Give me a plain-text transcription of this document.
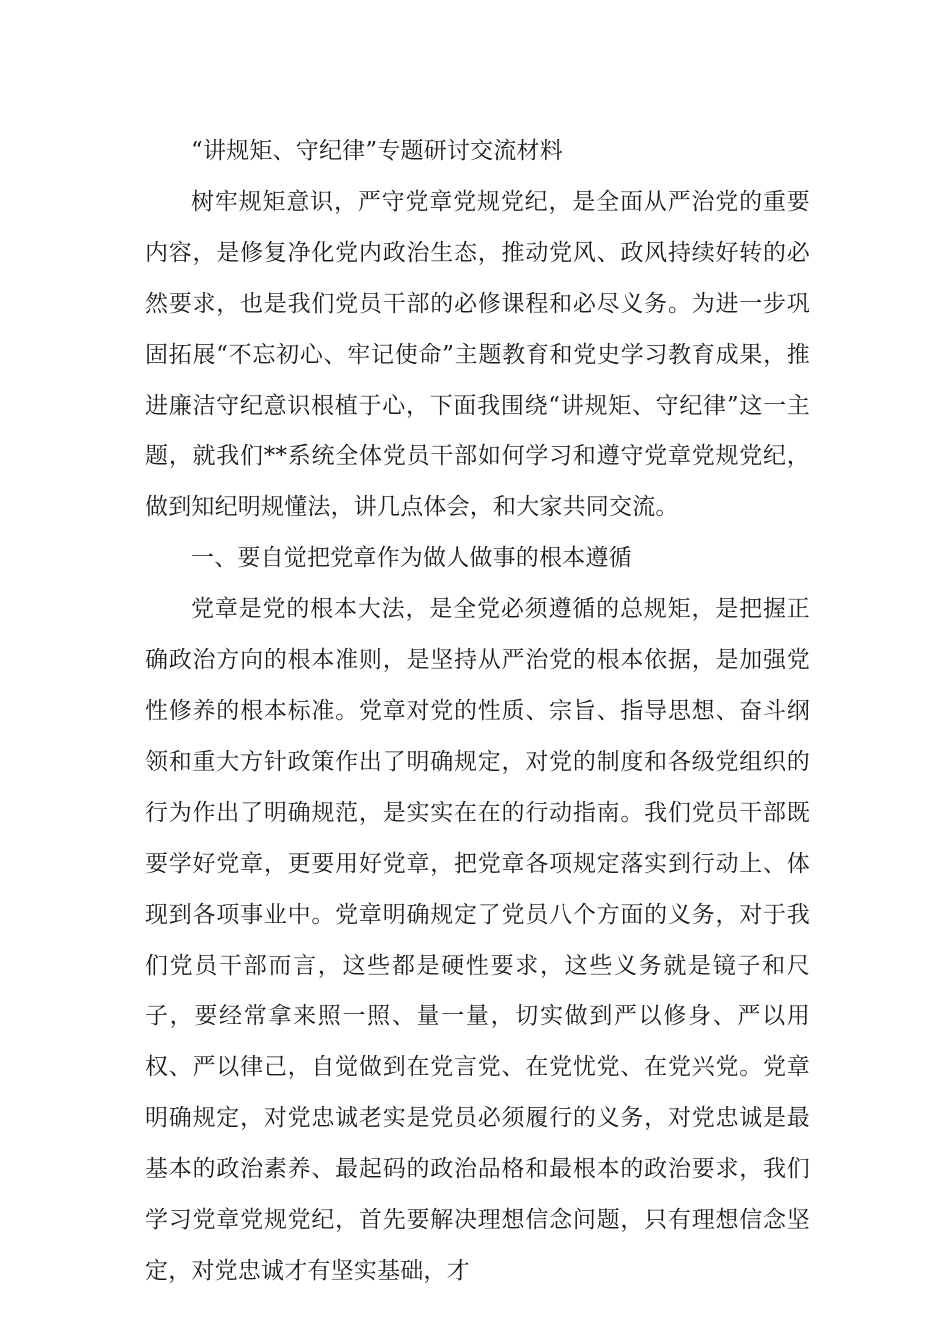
“讲规矩、守纪律”专题研讨交流材料

树牢规矩意识，严守党章党规党纪，是全面从严治党的重要内容，是修复净化党内政治生态，推动党风、政风持续好转的必然要求，也是我们党员干部的必修课程和必尽义务。为进一步巩固拓展“不忘初心、牢记使命”主题教育和党史学习教育成果，推进廉洁守纪意识根植于心，下面我围绕“讲规矩、守纪律”这一主题，就我们**系统全体党员干部如何学习和遵守党章党规党纪，做到知纪明规懂法，讲几点体会，和大家共同交流。

一、要自觉把党章作为做人做事的根本遵循

党章是党的根本大法，是全党必须遵循的总规矩，是把握正确政治方向的根本准则，是坚持从严治党的根本依据，是加强党性修养的根本标准。党章对党的性质、宗旨、指导思想、奋斗纲领和重大方针政策作出了明确规定，对党的制度和各级党组织的行为作出了明确规范，是实实在在的行动指南。我们党员干部既要学好党章，更要用好党章，把党章各项规定落实到行动上、体现到各项事业中。党章明确规定了党员八个方面的义务，对于我们党员干部而言，这些都是硬性要求，这些义务就是镜子和尺子，要经常拿来照一照、量一量，切实做到严以修身、严以用权、严以律己，自觉做到在党言党、在党忧党、在党兴党。党章明确规定，对党忠诚老实是党员必须履行的义务，对党忠诚是最基本的政治素养、最起码的政治品格和最根本的政治要求，我们学习党章党规党纪，首先要解决理想信念问题，只有理想信念坚定，对党忠诚才有坚实基础，才
